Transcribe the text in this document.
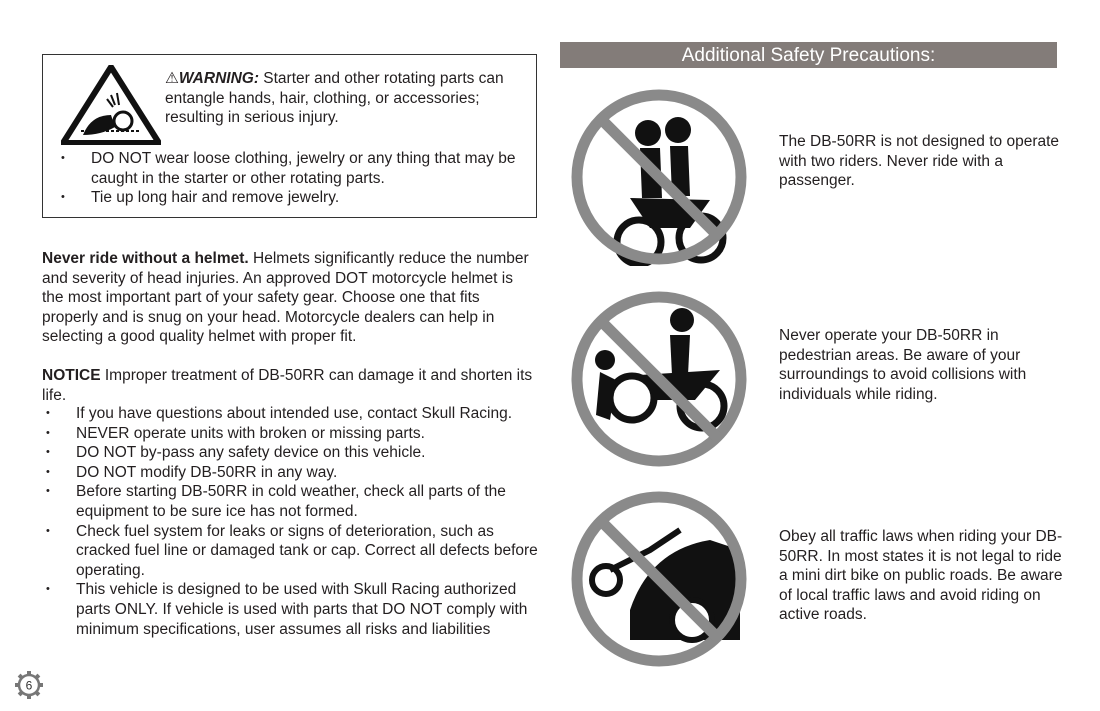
⚠WARNING: Starter and other rotating parts can entangle hands, hair, clothing, or accessories; resulting in serious injury.
• DO NOT wear loose clothing, jewelry or any thing that may be caught in the starter or other rotating parts.
• Tie up long hair and remove jewelry.

Never ride without a helmet. Helmets significantly reduce the number and severity of head injuries. An approved DOT motorcycle helmet is the most important part of your safety gear. Choose one that fits properly and is snug on your head. Motorcycle dealers can help in selecting a good quality helmet with proper fit.

NOTICE Improper treatment of DB-50RR can damage it and shorten its life.

• If you have questions about intended use, contact Skull Racing.
• NEVER operate units with broken or missing parts.
• DO NOT by-pass any safety device on this vehicle.
• DO NOT modify DB-50RR in any way.
• Before starting DB-50RR in cold weather, check all parts of the equipment to be sure ice has not formed.
• Check fuel system for leaks or signs of deterioration, such as cracked fuel line or damaged tank or cap. Correct all defects before operating.
• This vehicle is designed to be used with Skull Racing authorized parts ONLY. If vehicle is used with parts that DO NOT comply with minimum specifications, user assumes all risks and liabilities
Additional Safety Precautions:

The DB-50RR is not designed to operate with two riders. Never ride with a passenger.

Never operate your DB-50RR in pedestrian areas. Be aware of your surroundings to avoid collisions with individuals while riding.

Obey all traffic laws when riding your DB-50RR. In most states it is not legal to ride a mini dirt bike on public roads. Be aware of local traffic laws and avoid riding on active roads.

6
